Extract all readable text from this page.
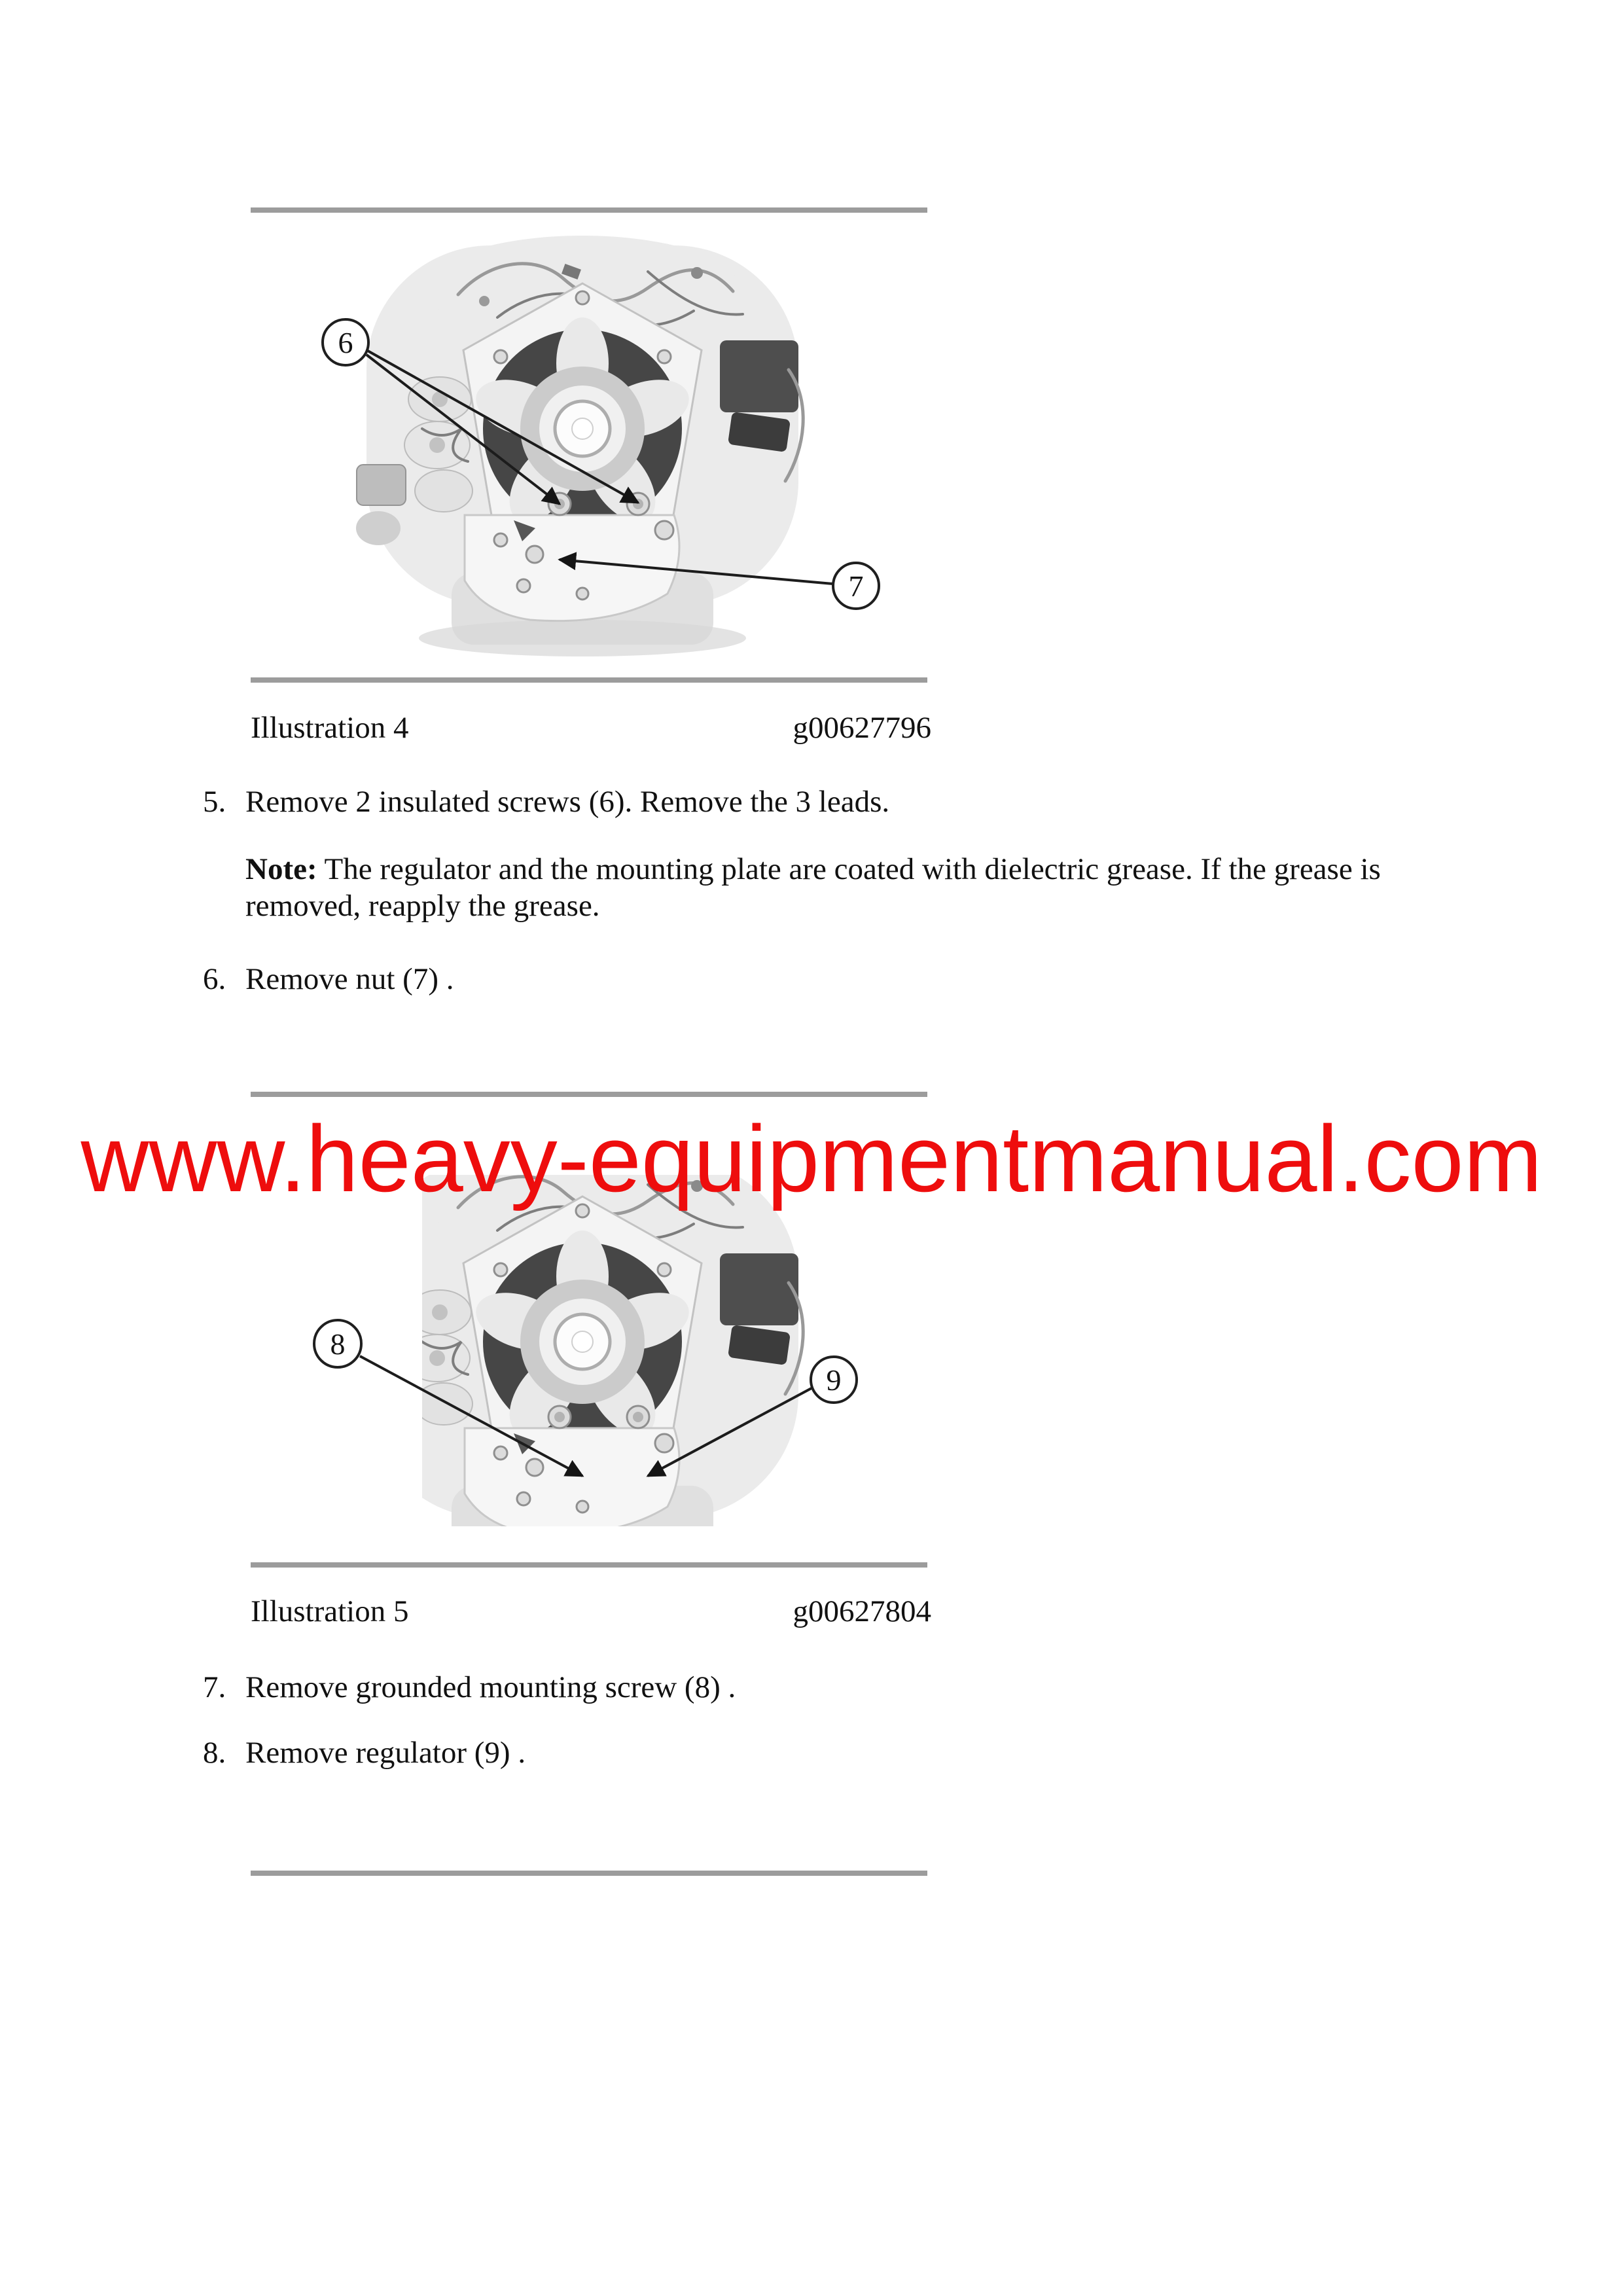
6
7
Illustration 4	g00627796
5. Remove 2 insulated screws (6). Remove the 3 leads.
Note: The regulator and the mounting plate are coated with dielectric grease. If the grease is removed, reapply the grease.
6. Remove nut (7) .
8
9
www.heavy-equipmentmanual.com
Illustration 5	g00627804
7. Remove grounded mounting screw (8) .
8. Remove regulator (9) .
